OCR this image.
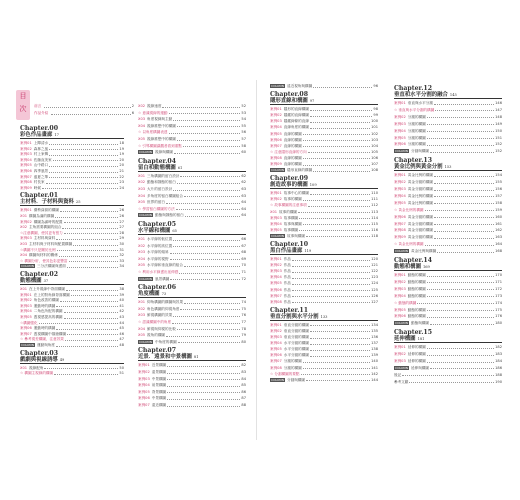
目
次	前言	2
作品介紹	6
Chapter.00
彩色作品畫廊 17
案例01 上陣清水	18
案例02 森林之風	19
案例03 村上家傳	19
案例04 佐藤直美家	20
案例05 山中路口	20
案例06 四季風景	21
案例07 盛夏之華	22
案例08 村長家	23
案例09 時候	24
Chapter.01
主材料．子材料與資料 25
案例01 優勢資源的構圖	26
X01 構圖為滿的構圖	26
案例02 構圖為滿時的配置	27
X02 主角需要構圖的組合	27
☆注意構圖，使其更有張力	28
案例03 主材料與資料	29
X03 主材料與子材料與配置構圖	30
☆構圖不只是關於比例	31
X04 構圖與材料的關係	32
☆ 構圖分析，使其色彩更豐富	33
COLUMN 三分法構圖與畫面	34
Chapter.02
動態構圖 37
X01 在上升視線中背面構圖	38
案例01 在上的對角線背面構圖	39
案例02 角色改善的構圖	40
案例03 運動時的構圖	41
案例04 二角色所配的構圖	42
案例05 透視感提高的構圖	43
☆構圖強化	44
案例06 運動時的構圖	45
案例07 透視構圖中描繪構圖	46
☆ 參考視差構圖，注意效果	47
COLUMN 運動與角度	48
Chapter.03
戲劇與視線誘導 49
X01 視線配角	50
☆ 構圖主視線的構圖	51
X02 視線速度	52
☆ 意識視線的運動	53
X03 角度視線與主動	54
X04 視線推想中的構圖	55
☆ 以角度構圖表達	56
X05 視線推想中的構圖	57
☆ 引導構圖讓觀者看到重點	58
COLUMN 視線與構圖	60
Chapter.04
留白和動態構圖 61
X01 三角構圖的留白設計	62
X02 動態和靜態的留白	62
X03 大片的留白設計	63
X04 多角度的留白構圖組合	63
X05 世界的留白	64
☆ 學習留白構圖的方法	64
COLUMN 動態與靜態的留白	64
Chapter.05
水平線和構圖 65
X01 水平線的低位置	66
X02 水平線的高位置	67
X03 水平線的傾斜	68
X04 水平線的視野	69
X05 水平線和垂直線的組合	70
☆ 利用水平線畫出延伸感	71
COLUMN 風景構圖	72
Chapter.06
角度構圖 73
X01 仰角構圖的構圖與效果	74
X02 角色構圖的仰視角度	75
X03 俯視構圖的效果	76
☆ 認識構圖中的角度	77
X04 俯視與仰視的比較	78
X05 視角的構圖	79
COLUMN 中角度的構圖	80
Chapter.07
近景．遠景和中景構圖 81
案例01 近景構圖	82
案例02 遠景構圖	83
案例03 中景構圖	84
案例04 前景構圖	85
案例05 背景構圖	86
案例06 中景構圖	87
案例07 遠近構圖	88
COLUMN 遠近視角與構圖	96
Chapter.08
隱形直線和構圖 97
案例01 隱形的直線構圖	98
案例02 隱藏的直線構圖	99
案例03 隱藏線條的直線	100
案例04 直線角度的構圖	101
案例05 直線的構圖	102
案例06 直線的構圖	103
案例07 直線的構圖	104
☆ 注意隱形直線的方向	105
案例08 直線的構圖	106
案例09 直線的構圖	107
COLUMN 隱形直線的構圖	108
Chapter.09
創造故事的構圖 109
案例01 故事中心的構圖	110
案例02 故事的構圖	111
☆ 故事構圖的注意事項	112
X01 故事的構圖	113
案例03 故事構圖	114
案例04 故事與構圖	115
案例05 故事構圖	116
COLUMN 故事與構圖	118
Chapter.10
黑白作品畫廊 119
案例01 作品	120
案例02 作品	121
案例03 作品	122
案例04 作品	123
案例05 作品	124
案例06 作品	125
案例07 作品	126
案例08 作品	127
Chapter.11
垂直分割與水平分割 133
案例01 垂直分割的構圖	134
案例02 垂直分割的構圖	135
案例03 垂直分割的構圖	136
案例04 水平分割的構圖	137
案例05 水平分割的構圖	138
案例06 水平分割的構圖	139
案例07 分割的構圖	140
案例08 分割的構圖	141
☆ 分割構圖的要點	142
COLUMN 分割與構圖	144
Chapter.12
垂直和水平分割的融合 145
案例01 垂直與水平分割	146
☆ 垂直與水平分割的構圖	147
案例02 分割的構圖	148
案例03 分割的構圖	149
案例04 分割的構圖	150
案例05 分割的構圖	151
案例06 分割的構圖	152
COLUMN 分割與構圖	152
Chapter.13
黃金比例與黃金分割 153
案例01 黃金比例的構圖	154
案例02 黃金分割的構圖	155
案例03 黃金分割的構圖	156
案例04 黃金比例的構圖	157
案例05 黃金比例的構圖	158
☆ 黃金比例的構圖	159
案例06 黃金分割的構圖	160
案例07 黃金分割的構圖	161
案例08 黃金分割的構圖	162
案例09 黃金分割的構圖	163
☆ 黃金比例的構圖	164
COLUMN 黃金比例與構圖	168
Chapter.14
動態和構圖 169
案例01 動態的構圖	170
案例02 動態的構圖	171
案例03 動態的構圖	172
案例04 動態的構圖	173
☆ 動態的構圖	174
案例05 動態的構圖	175
案例06 動態的構圖	176
COLUMN 動態與構圖	180
Chapter.15
延伸構圖 181
案例01 延伸的構圖	182
案例02 延伸的構圖	183
案例03 延伸的構圖	184
COLUMN 延伸與構圖	186
後記	188
參考文獻	190
